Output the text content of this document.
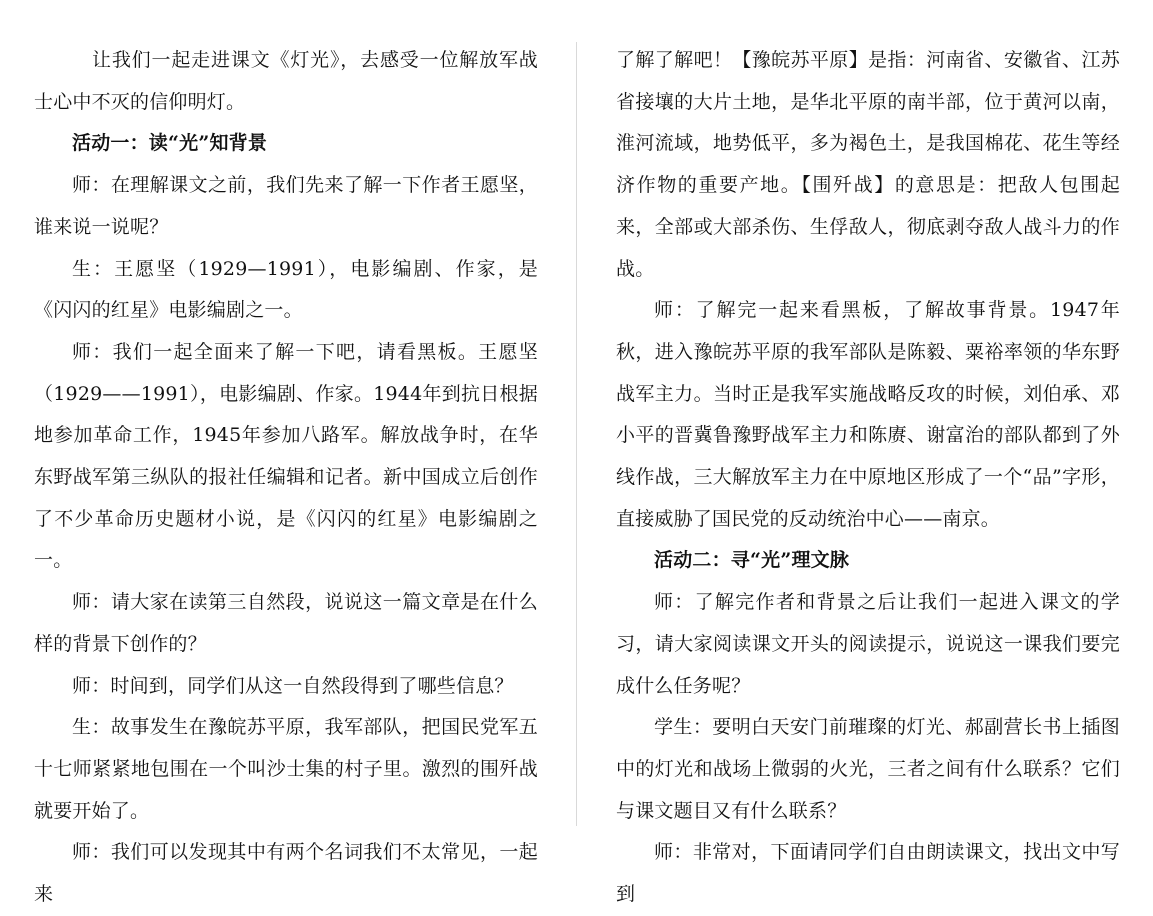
让我们一起走进课文《灯光》，去感受一位解放军战士心中不灭的信仰明灯。

活动一：读“光”知背景

师：在理解课文之前，我们先来了解一下作者王愿坚，谁来说一说呢？

生：王愿坚（1929—1991），电影编剧、作家，是《闪闪的红星》电影编剧之一。

师：我们一起全面来了解一下吧，请看黑板。王愿坚（1929——1991），电影编剧、作家。1944年到抗日根据地参加革命工作，1945年参加八路军。解放战争时，在华东野战军第三纵队的报社任编辑和记者。新中国成立后创作了不少革命历史题材小说，是《闪闪的红星》电影编剧之一。

师：请大家在读第三自然段，说说这一篇文章是在什么样的背景下创作的？

师：时间到，同学们从这一自然段得到了哪些信息？

生：故事发生在豫皖苏平原，我军部队，把国民党军五十七师紧紧地包围在一个叫沙士集的村子里。激烈的围歼战就要开始了。

师：我们可以发现其中有两个名词我们不太常见，一起来

了解了解吧！【豫皖苏平原】是指：河南省、安徽省、江苏省接壤的大片土地，是华北平原的南半部，位于黄河以南，淮河流域，地势低平，多为褐色土，是我国棉花、花生等经济作物的重要产地。【围歼战】的意思是：把敌人包围起来，全部或大部杀伤、生俘敌人，彻底剥夺敌人战斗力的作战。

师：了解完一起来看黑板，了解故事背景。1947年秋，进入豫皖苏平原的我军部队是陈毅、粟裕率领的华东野战军主力。当时正是我军实施战略反攻的时候，刘伯承、邓小平的晋冀鲁豫野战军主力和陈赓、谢富治的部队都到了外线作战，三大解放军主力在中原地区形成了一个“品”字形，直接威胁了国民党的反动统治中心——南京。

活动二：寻“光”理文脉

师：了解完作者和背景之后让我们一起进入课文的学习，请大家阅读课文开头的阅读提示，说说这一课我们要完成什么任务呢？

学生：要明白天安门前璀璨的灯光、郝副营长书上插图中的灯光和战场上微弱的火光，三者之间有什么联系？它们与课文题目又有什么联系？

师：非常对，下面请同学们自由朗读课文，找出文中写到
